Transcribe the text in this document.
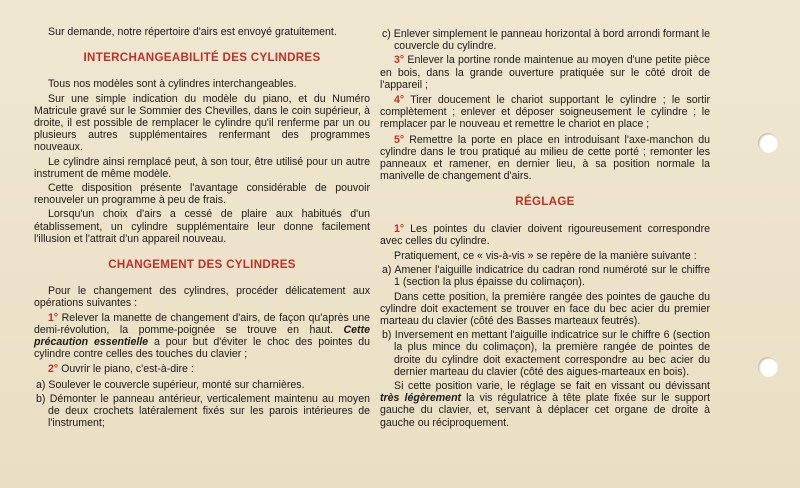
Sur demande, notre répertoire d'airs est envoyé gratuitement.

INTERCHANGEABILITÉ DES CYLINDRES

Tous nos modèles sont à cylindres interchangeables.

Sur une simple indication du modèle du piano, et du Numéro Matricule gravé sur le Sommier des Chevilles, dans le coin supérieur, à droite, il est possible de remplacer le cylindre qu'il renferme par un ou plusieurs autres supplémentaires renfermant des programmes nouveaux.

Le cylindre ainsi remplacé peut, à son tour, être utilisé pour un autre instrument de même modèle.

Cette disposition présente l'avantage considérable de pouvoir renouveler un programme à peu de frais.

Lorsqu'un choix d'airs a cessé de plaire aux habitués d'un établissement, un cylindre supplémentaire leur donne facilement l'illusion et l'attrait d'un appareil nouveau.

CHANGEMENT DES CYLINDRES

Pour le changement des cylindres, procéder délicatement aux opérations suivantes :

1° Relever la manette de changement d'airs, de façon qu'après une demi-révolution, la pomme-poignée se trouve en haut. Cette précaution essentielle a pour but d'éviter le choc des pointes du cylindre contre celles des touches du clavier ;

2° Ouvrir le piano, c'est-à-dire :

a) Soulever le couvercle supérieur, monté sur charnières.

b) Démonter le panneau antérieur, verticalement maintenu au moyen de deux crochets latéralement fixés sur les parois intérieures de l'instrument;

c) Enlever simplement le panneau horizontal à bord arrondi formant le couvercle du cylindre.

3° Enlever la portine ronde maintenue au moyen d'une petite pièce en bois, dans la grande ouverture pratiquée sur le côté droit de l'appareil ;

4° Tirer doucement le chariot supportant le cylindre ; le sortir complètement ; enlever et déposer soigneusement le cylindre ; le remplacer par le nouveau et remettre le chariot en place ;

5° Remettre la porte en place en introduisant l'axe-manchon du cylindre dans le trou pratiqué au milieu de cette porté ; remonter les panneaux et ramener, en dernier lieu, à sa position normale la manivelle de changement d'airs.

RÉGLAGE

1° Les pointes du clavier doivent rigoureusement correspondre avec celles du cylindre.

Pratiquement, ce « vis-à-vis » se repère de la manière suivante :

a) Amener l'aiguille indicatrice du cadran rond numéroté sur le chiffre 1 (section la plus épaisse du colimaçon).

Dans cette position, la première rangée des pointes de gauche du cylindre doit exactement se trouver en face du bec acier du premier marteau du clavier (côté des Basses marteaux feutrés).

b) Inversement en mettant l'aiguille indicatrice sur le chiffre 6 (section la plus mince du colimaçon), la première rangée de pointes de droite du cylindre doit exactement correspondre au bec acier du dernier marteau du clavier (côté des aigues-marteaux en bois).

Si cette position varie, le réglage se fait en vissant ou dévissant très légèrement la vis régulatrice à tête plate fixée sur le support gauche du clavier, et, servant à déplacer cet organe de droite à gauche ou réciproquement.
